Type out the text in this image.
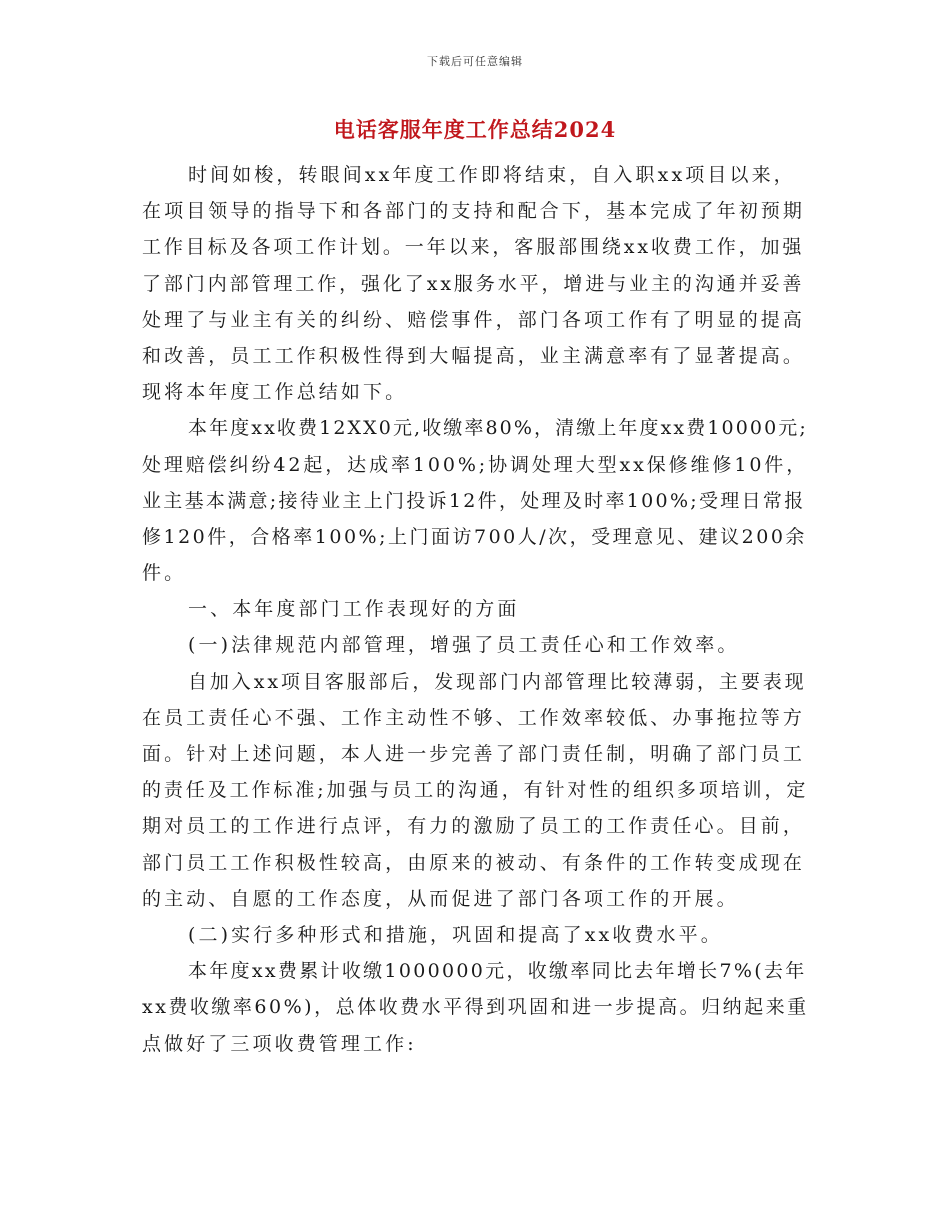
下载后可任意编辑
电话客服年度工作总结2024
时间如梭，转眼间xx年度工作即将结束，自入职xx项目以来，
在项目领导的指导下和各部门的支持和配合下，基本完成了年初预期
工作目标及各项工作计划。一年以来，客服部围绕xx收费工作，加强
了部门内部管理工作，强化了xx服务水平，增进与业主的沟通并妥善
处理了与业主有关的纠纷、赔偿事件，部门各项工作有了明显的提高
和改善，员工工作积极性得到大幅提高，业主满意率有了显著提高。
现将本年度工作总结如下。
本年度xx收费12XX0元,收缴率80%，清缴上年度xx费10000元;
处理赔偿纠纷42起，达成率100%;协调处理大型xx保修维修10件，
业主基本满意;接待业主上门投诉12件，处理及时率100%;受理日常报
修120件，合格率100%;上门面访700人/次，受理意见、建议200余
件。
一、本年度部门工作表现好的方面
(一)法律规范内部管理，增强了员工责任心和工作效率。
自加入xx项目客服部后，发现部门内部管理比较薄弱，主要表现
在员工责任心不强、工作主动性不够、工作效率较低、办事拖拉等方
面。针对上述问题，本人进一步完善了部门责任制，明确了部门员工
的责任及工作标准;加强与员工的沟通，有针对性的组织多项培训，定
期对员工的工作进行点评，有力的激励了员工的工作责任心。目前，
部门员工工作积极性较高，由原来的被动、有条件的工作转变成现在
的主动、自愿的工作态度，从而促进了部门各项工作的开展。
(二)实行多种形式和措施，巩固和提高了xx收费水平。
本年度xx费累计收缴1000000元，收缴率同比去年增长7%(去年
xx费收缴率60%)，总体收费水平得到巩固和进一步提高。归纳起来重
点做好了三项收费管理工作:
